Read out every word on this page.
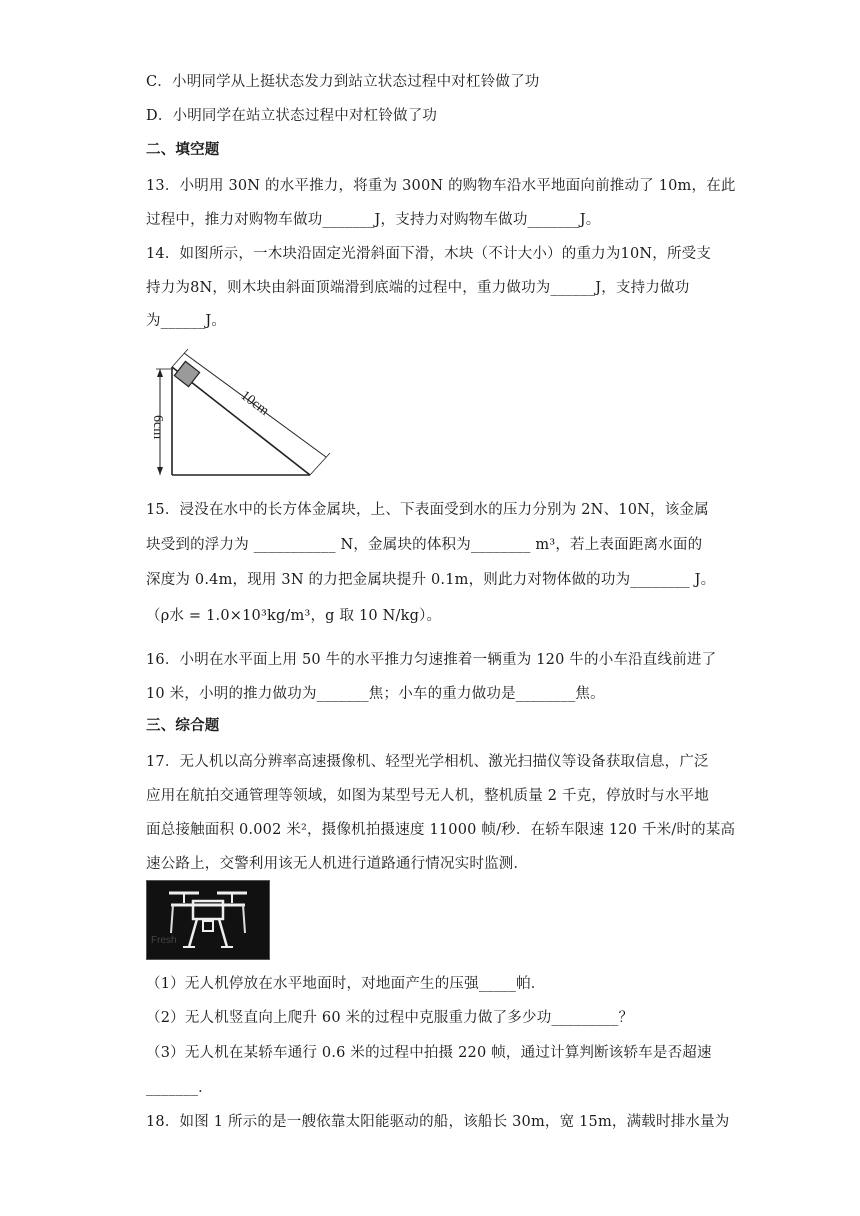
C．小明同学从上挺状态发力到站立状态过程中对杠铃做了功
D．小明同学在站立状态过程中对杠铃做了功
二、填空题
13．小明用 30N 的水平推力，将重为 300N 的购物车沿水平地面向前推动了 10m，在此
过程中，推力对购物车做功_______J，支持力对购物车做功_______J。
14．如图所示，一木块沿固定光滑斜面下滑，木块（不计大小）的重力为10N，所受支
持力为8N，则木块由斜面顶端滑到底端的过程中，重力做功为______J，支持力做功
为______J。
6cm
10cm
15．浸没在水中的长方体金属块，上、下表面受到水的压力分别为 2N、10N，该金属
块受到的浮力为 ___________ N，金属块的体积为________ m³，若上表面距离水面的
深度为 0.4m，现用 3N 的力把金属块提升 0.1m，则此力对物体做的功为________ J。
（ρ水 = 1.0×10³kg/m³，g 取 10 N/kg）。
16．小明在水平面上用 50 牛的水平推力匀速推着一辆重为 120 牛的小车沿直线前进了
10 米，小明的推力做功为_______焦；小车的重力做功是________焦。
三、综合题
17．无人机以高分辨率高速摄像机、轻型光学相机、激光扫描仪等设备获取信息，广泛
应用在航拍交通管理等领域，如图为某型号无人机，整机质量 2 千克，停放时与水平地
面总接触面积 0.002 米²，摄像机拍摄速度 11000 帧/秒．在轿车限速 120 千米/时的某高
速公路上，交警利用该无人机进行道路通行情况实时监测．
Fresh
（1）无人机停放在水平地面时，对地面产生的压强_____帕．
（2）无人机竖直向上爬升 60 米的过程中克服重力做了多少功_________？
（3）无人机在某轿车通行 0.6 米的过程中拍摄 220 帧，通过计算判断该轿车是否超速
_______．
18．如图 1 所示的是一艘依靠太阳能驱动的船，该船长 30m，宽 15m，满载时排水量为
